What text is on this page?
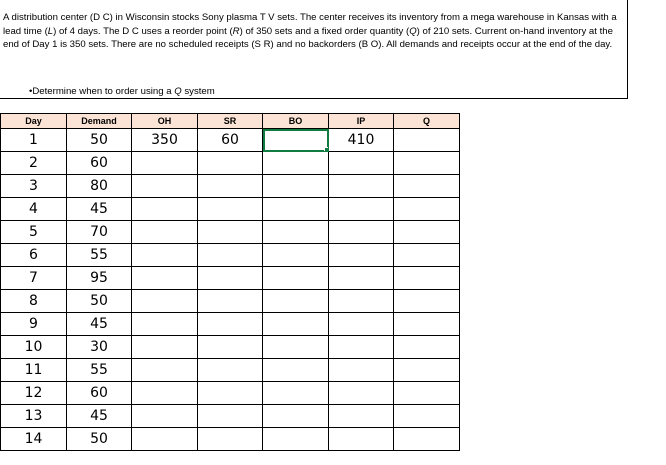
A distribution center (D C) in Wisconsin stocks Sony plasma T V sets. The center receives its inventory from a mega warehouse in Kansas with a lead time (L) of 4 days. The D C uses a reorder point (R) of 350 sets and a fixed order quantity (Q) of 210 sets. Current on-hand inventory at the end of Day 1 is 350 sets. There are no scheduled receipts (S R) and no backorders (B O). All demands and receipts occur at the end of the day.
•Determine when to order using a Q system
Day	Demand	OH	SR	BO	IP	Q
1	50	350	60		410	
2	60					
3	80					
4	45					
5	70					
6	55					
7	95					
8	50					
9	45					
10	30					
11	55					
12	60					
13	45					
14	50					
